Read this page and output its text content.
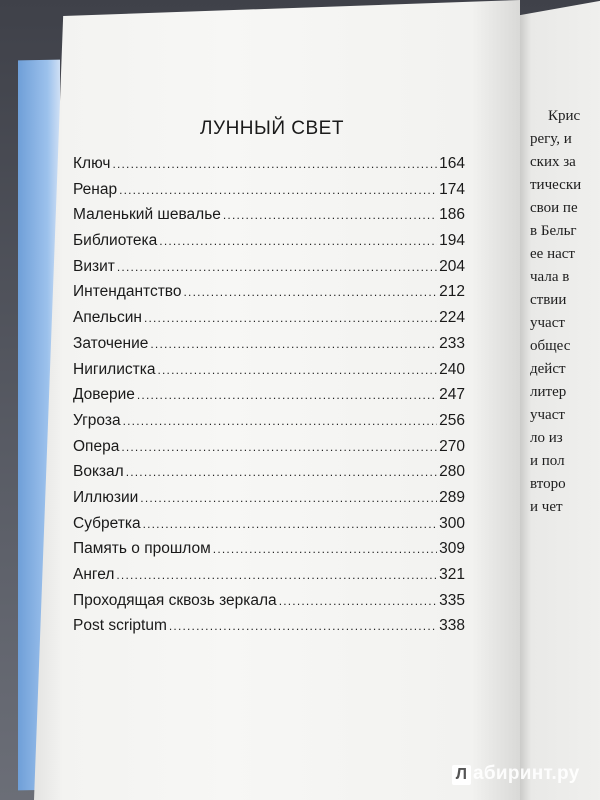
Крис
регу, и
ских за
тически
свои пе
в Бельг
ее наст
чала в
ствии
участ
общес
дейст
литер
участ
ло из
и пол
второ
и чет
ЛУННЫЙ СВЕТ
Ключ .....	164
Ренар .....	174
Маленький шевалье .....	186
Библиотека .....	194
Визит .....	204
Интендантство .....	212
Апельсин .....	224
Заточение .....	233
Нигилистка .....	240
Доверие .....	247
Угроза .....	256
Опера .....	270
Вокзал .....	280
Иллюзии .....	289
Субретка .....	300
Память о прошлом .....	309
Ангел .....	321
Проходящая сквозь зеркала .....	335
Post scriptum .....	338
Л абиринт.ру
